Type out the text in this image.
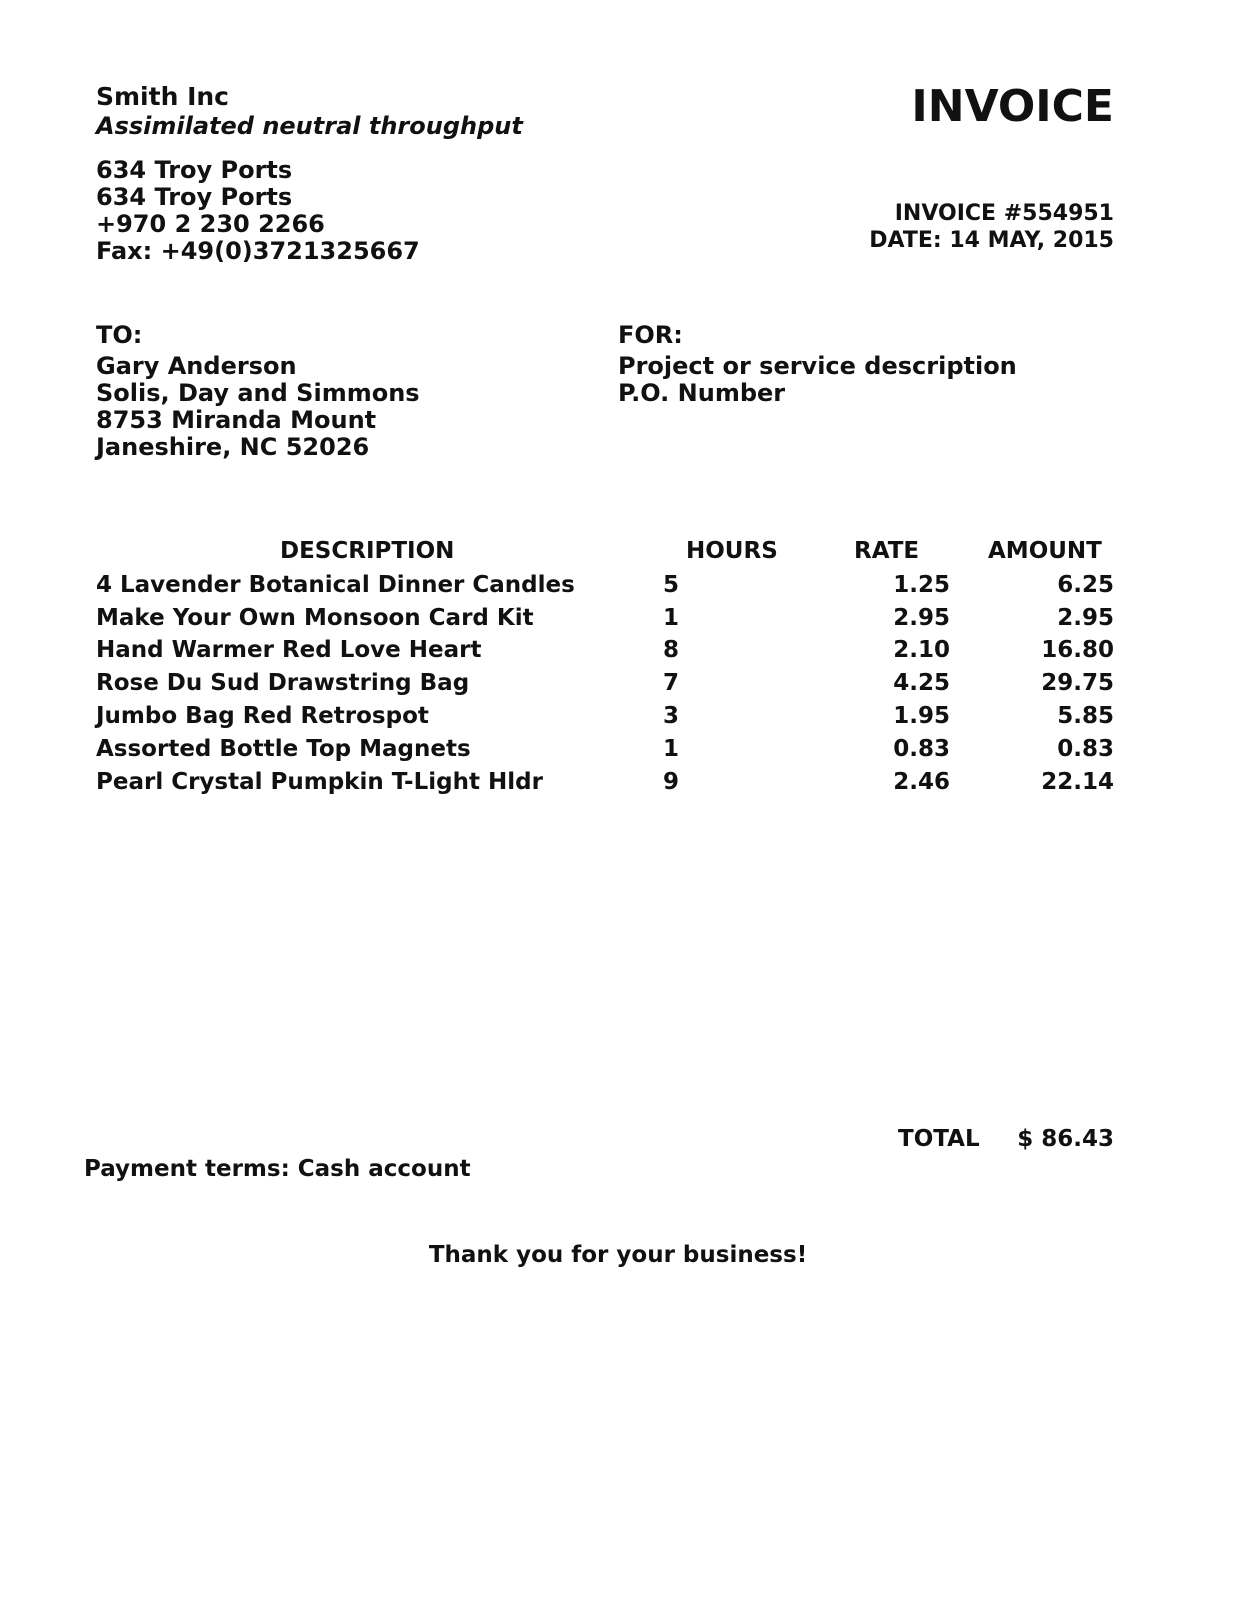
Smith Inc
Assimilated neutral throughput
634 Troy Ports
634 Troy Ports
+970 2 230 2266
Fax: +49(0)3721325667
INVOICE
INVOICE #554951
DATE: 14 MAY, 2015
TO:
Gary Anderson
Solis, Day and Simmons
8753 Miranda Mount
Janeshire, NC 52026
FOR:
Project or service description
P.O. Number
DESCRIPTION	HOURS	RATE	AMOUNT
4 Lavender Botanical Dinner Candles	5	1.25	6.25
Make Your Own Monsoon Card Kit	1	2.95	2.95
Hand Warmer Red Love Heart	8	2.10	16.80
Rose Du Sud Drawstring Bag	7	4.25	29.75
Jumbo Bag Red Retrospot	3	1.95	5.85
Assorted Bottle Top Magnets	1	0.83	0.83
Pearl Crystal Pumpkin T-Light Hldr	9	2.46	22.14
TOTAL $ 86.43
Payment terms: Cash account
Thank you for your business!
